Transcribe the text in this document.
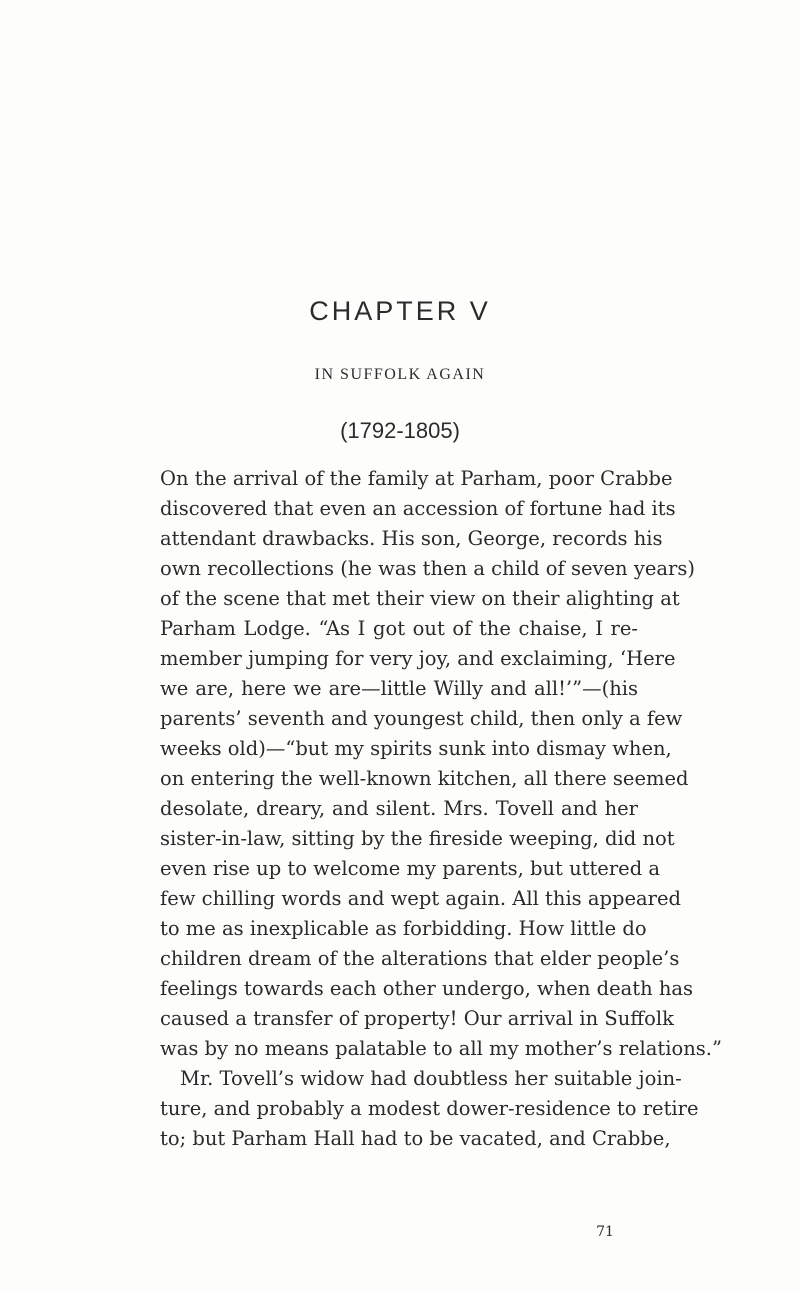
CHAPTER V
IN SUFFOLK AGAIN
(1792-1805)
On the arrival of the family at Parham, poor Crabbe
discovered that even an accession of fortune had its
attendant drawbacks. His son, George, records his
own recollections (he was then a child of seven years)
of the scene that met their view on their alighting at
Parham Lodge. “As I got out of the chaise, I re-
member jumping for very joy, and exclaiming, ‘Here
we are, here we are—little Willy and all!’”—(his
parents’ seventh and youngest child, then only a few
weeks old)—“but my spirits sunk into dismay when,
on entering the well-known kitchen, all there seemed
desolate, dreary, and silent. Mrs. Tovell and her
sister-in-law, sitting by the fireside weeping, did not
even rise up to welcome my parents, but uttered a
few chilling words and wept again. All this appeared
to me as inexplicable as forbidding. How little do
children dream of the alterations that elder people’s
feelings towards each other undergo, when death has
caused a transfer of property! Our arrival in Suffolk
was by no means palatable to all my mother’s relations.”
Mr. Tovell’s widow had doubtless her suitable join-
ture, and probably a modest dower-residence to retire
to; but Parham Hall had to be vacated, and Crabbe,
71
